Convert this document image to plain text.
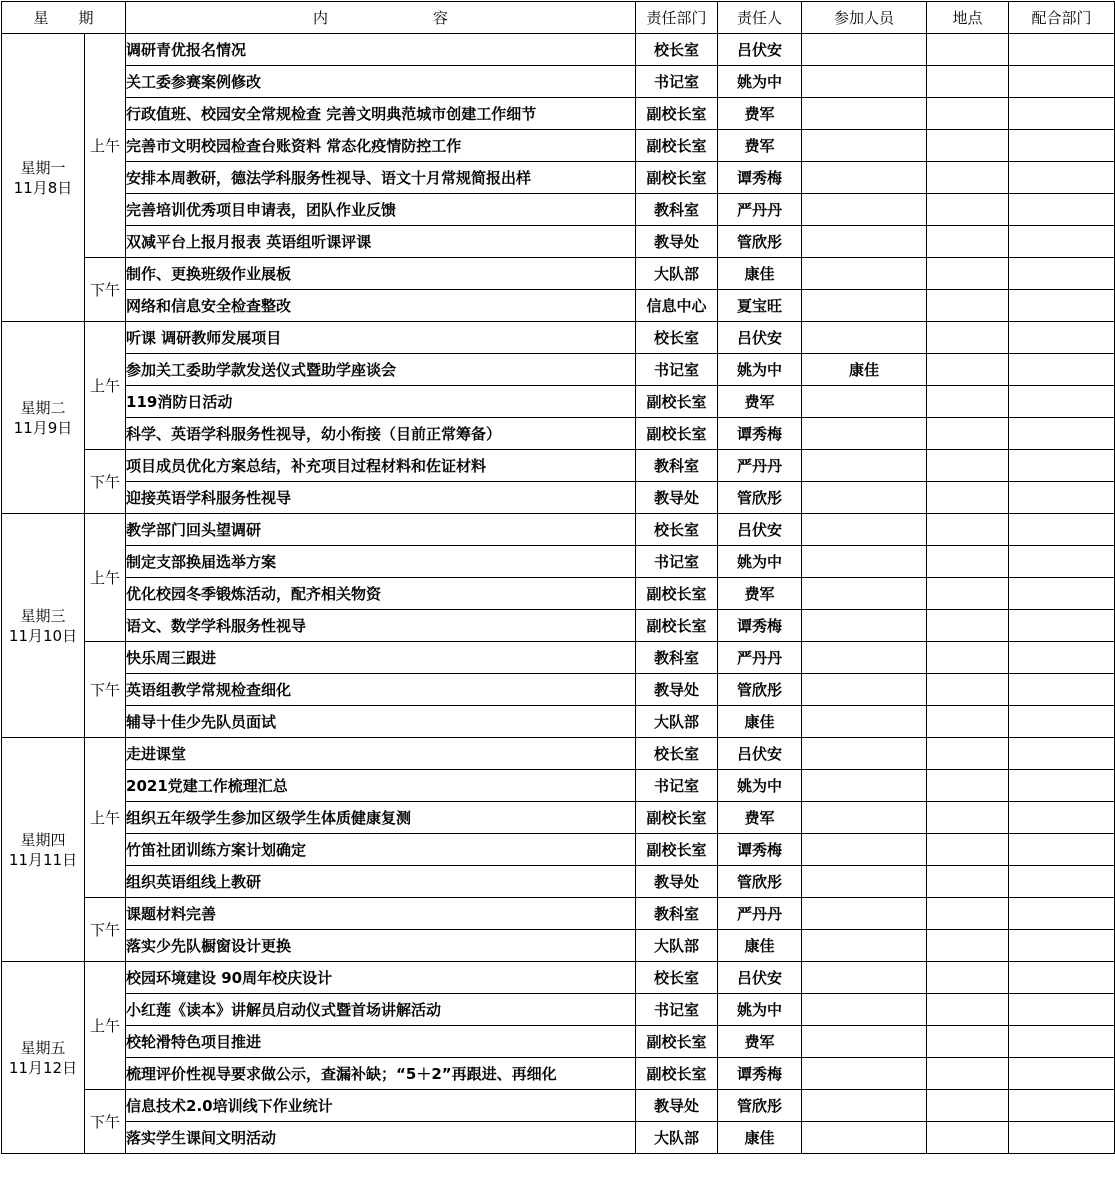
星　　期		内　　　　　　　容	责任部门	责任人	参加人员	地点	配合部门
星期一
11月8日	上午	调研青优报名情况	校长室	吕伏安			
		关工委参赛案例修改	书记室	姚为中			
		行政值班、校园安全常规检查 完善文明典范城市创建工作细节	副校长室	费军			
		完善市文明校园检查台账资料 常态化疫情防控工作	副校长室	费军			
		安排本周教研，德法学科服务性视导、语文十月常规简报出样	副校长室	谭秀梅			
		完善培训优秀项目申请表，团队作业反馈	教科室	严丹丹			
		双减平台上报月报表 英语组听课评课	教导处	管欣彤			
	下午	制作、更换班级作业展板	大队部	康佳			
		网络和信息安全检查整改	信息中心	夏宝旺			
星期二
11月9日	上午	听课 调研教师发展项目	校长室	吕伏安			
		参加关工委助学款发送仪式暨助学座谈会	书记室	姚为中	康佳		
		119消防日活动	副校长室	费军			
		科学、英语学科服务性视导，幼小衔接（目前正常筹备）	副校长室	谭秀梅			
	下午	项目成员优化方案总结，补充项目过程材料和佐证材料	教科室	严丹丹			
		迎接英语学科服务性视导	教导处	管欣彤			
星期三
11月10日	上午	教学部门回头望调研	校长室	吕伏安			
		制定支部换届选举方案	书记室	姚为中			
		优化校园冬季锻炼活动，配齐相关物资	副校长室	费军			
		语文、数学学科服务性视导	副校长室	谭秀梅			
	下午	快乐周三跟进	教科室	严丹丹			
		英语组教学常规检查细化	教导处	管欣彤			
		辅导十佳少先队员面试	大队部	康佳			
星期四
11月11日	上午	走进课堂	校长室	吕伏安			
		2021党建工作梳理汇总	书记室	姚为中			
		组织五年级学生参加区级学生体质健康复测	副校长室	费军			
		竹笛社团训练方案计划确定	副校长室	谭秀梅			
		组织英语组线上教研	教导处	管欣彤			
	下午	课题材料完善	教科室	严丹丹			
		落实少先队橱窗设计更换	大队部	康佳			
星期五
11月12日	上午	校园环境建设 90周年校庆设计	校长室	吕伏安			
		小红莲《读本》讲解员启动仪式暨首场讲解活动	书记室	姚为中			
		校轮滑特色项目推进	副校长室	费军			
		梳理评价性视导要求做公示，查漏补缺；“5＋2”再跟进、再细化	副校长室	谭秀梅			
	下午	信息技术2.0培训线下作业统计	教导处	管欣彤			
		落实学生课间文明活动	大队部	康佳			
